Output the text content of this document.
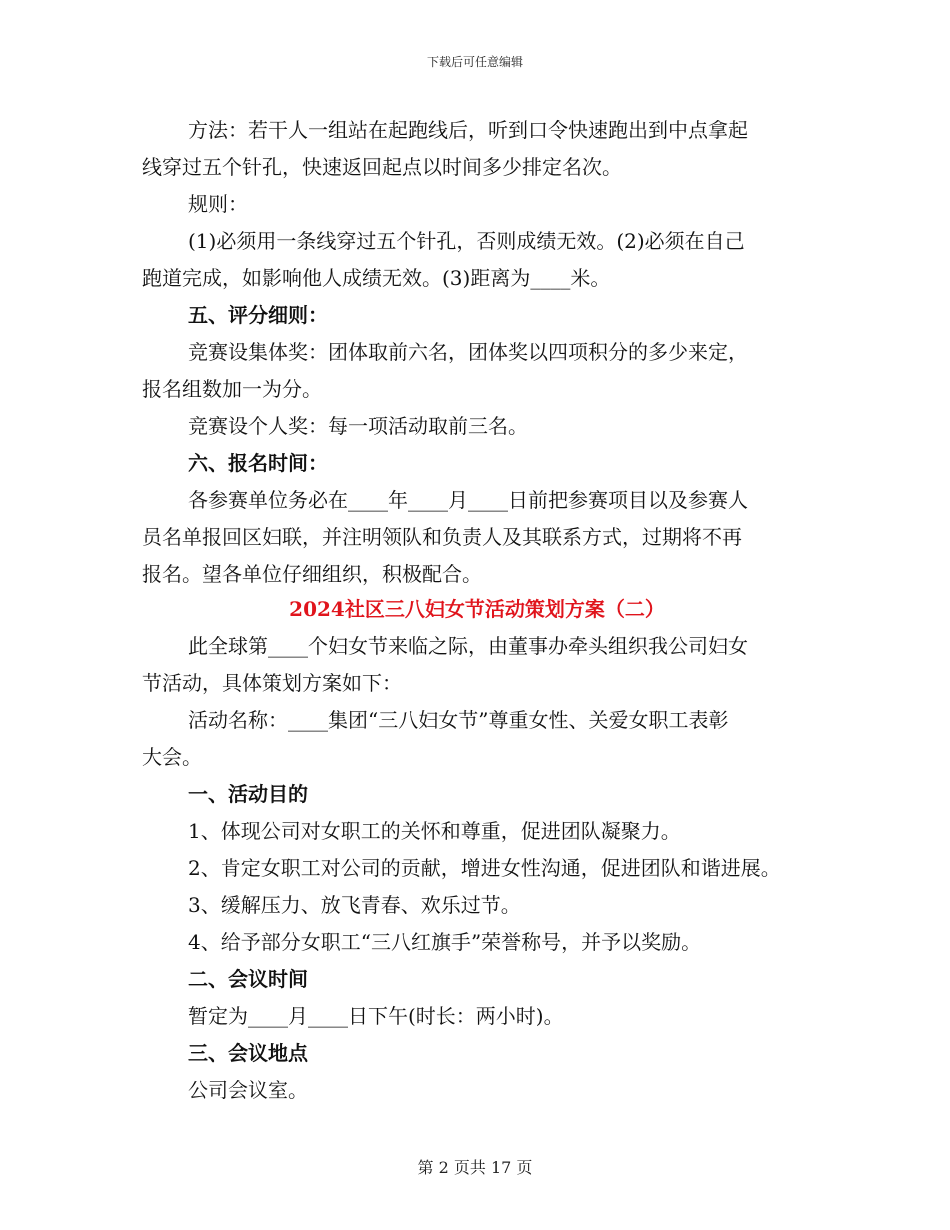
下载后可任意编辑

方法：若干人一组站在起跑线后，听到口令快速跑出到中点拿起

线穿过五个针孔，快速返回起点以时间多少排定名次。

规则：

(1)必须用一条线穿过五个针孔，否则成绩无效。(2)必须在自己

跑道完成，如影响他人成绩无效。(3)距离为____米。

五、评分细则：

竞赛设集体奖：团体取前六名，团体奖以四项积分的多少来定，

报名组数加一为分。

竞赛设个人奖：每一项活动取前三名。

六、报名时间：

各参赛单位务必在____年____月____日前把参赛项目以及参赛人

员名单报回区妇联，并注明领队和负责人及其联系方式，过期将不再

报名。望各单位仔细组织，积极配合。

2024社区三八妇女节活动策划方案（二）

此全球第____个妇女节来临之际，由董事办牵头组织我公司妇女

节活动，具体策划方案如下：

活动名称：____集团“三八妇女节”尊重女性、关爱女职工表彰

大会。

一、活动目的

1、体现公司对女职工的关怀和尊重，促进团队凝聚力。

2、肯定女职工对公司的贡献，增进女性沟通，促进团队和谐进展。

3、缓解压力、放飞青春、欢乐过节。

4、给予部分女职工“三八红旗手”荣誉称号，并予以奖励。

二、会议时间

暂定为____月____日下午(时长：两小时)。

三、会议地点

公司会议室。

第 2 页共 17 页
